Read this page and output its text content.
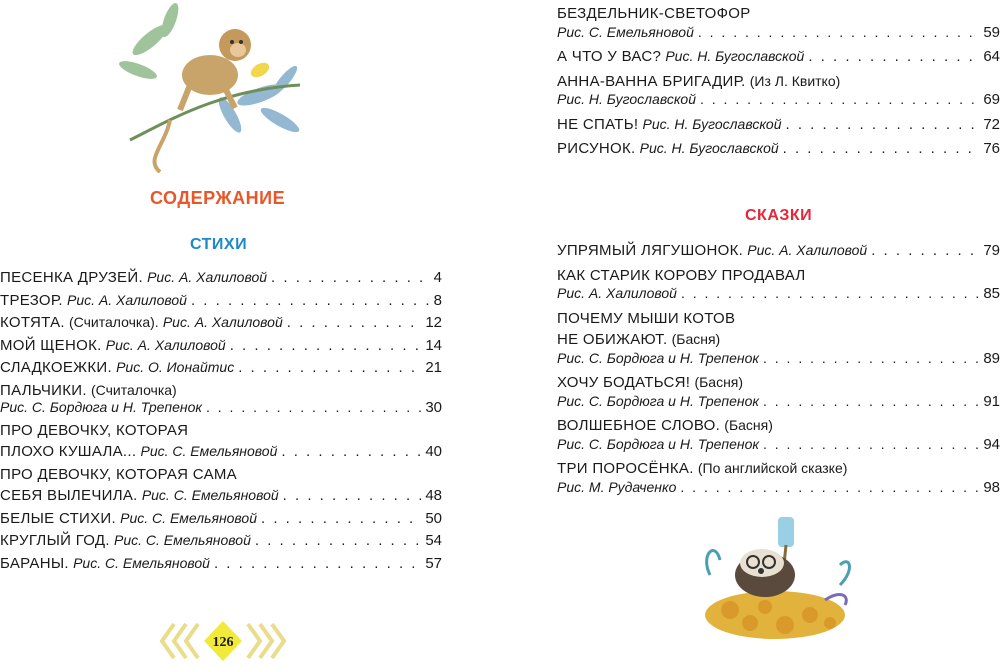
СОДЕРЖАНИЕ
СТИХИ
СКАЗКИ
ПЕСЕНКА ДРУЗЕЙ.
Рис. А. Халиловой . . .	4
ТРЕЗОР.
Рис. А. Халиловой . . .	8
КОТЯТА.
(Считалочка).
Рис. А. Халиловой . . .	12
МОЙ ЩЕНОК.
Рис. А. Халиловой . . .	14
СЛАДКОЕЖКИ.
Рис. О. Ионайтис . . .	21
ПАЛЬЧИКИ.
(Считалочка)
Рис. С. Бордюга и Н. Трепенок . . .	30
ПРО ДЕВОЧКУ, КОТОРАЯ
ПЛОХО КУШАЛА...
Рис. С. Емельяновой . . .	40
ПРО ДЕВОЧКУ, КОТОРАЯ САМА
СЕБЯ ВЫЛЕЧИЛА.
Рис. С. Емельяновой . . .	48
БЕЛЫЕ СТИХИ.
Рис. С. Емельяновой . . .	50
КРУГЛЫЙ ГОД.
Рис. С. Емельяновой . . .	54
БАРАНЫ.
Рис. С. Емельяновой . . .	57
126
БЕЗДЕЛЬНИК-СВЕТОФОР
Рис. С. Емельяновой . . .	59
А ЧТО У ВАС?
Рис. Н. Бугославской . . .	64
АННА-ВАННА БРИГАДИР.
(Из Л. Квитко)
Рис. Н. Бугославской . . .	69
НЕ СПАТЬ!
Рис. Н. Бугославской . . .	72
РИСУНОК.
Рис. Н. Бугославской . . .	76
УПРЯМЫЙ ЛЯГУШОНОК.
Рис. А. Халиловой . . .	79
КАК СТАРИК КОРОВУ ПРОДАВАЛ
Рис. А. Халиловой . . .	85
ПОЧЕМУ МЫШИ КОТОВ
НЕ ОБИЖАЮТ.
(Басня)
Рис. С. Бордюга и Н. Трепенок . . .	89
ХОЧУ БОДАТЬСЯ!
(Басня)
Рис. С. Бордюга и Н. Трепенок . . .	91
ВОЛШЕБНОЕ СЛОВО.
(Басня)
Рис. С. Бордюга и Н. Трепенок . . .	94
ТРИ ПОРОСЁНКА.
(По английской сказке)
Рис. М. Рудаченко . . .	98
